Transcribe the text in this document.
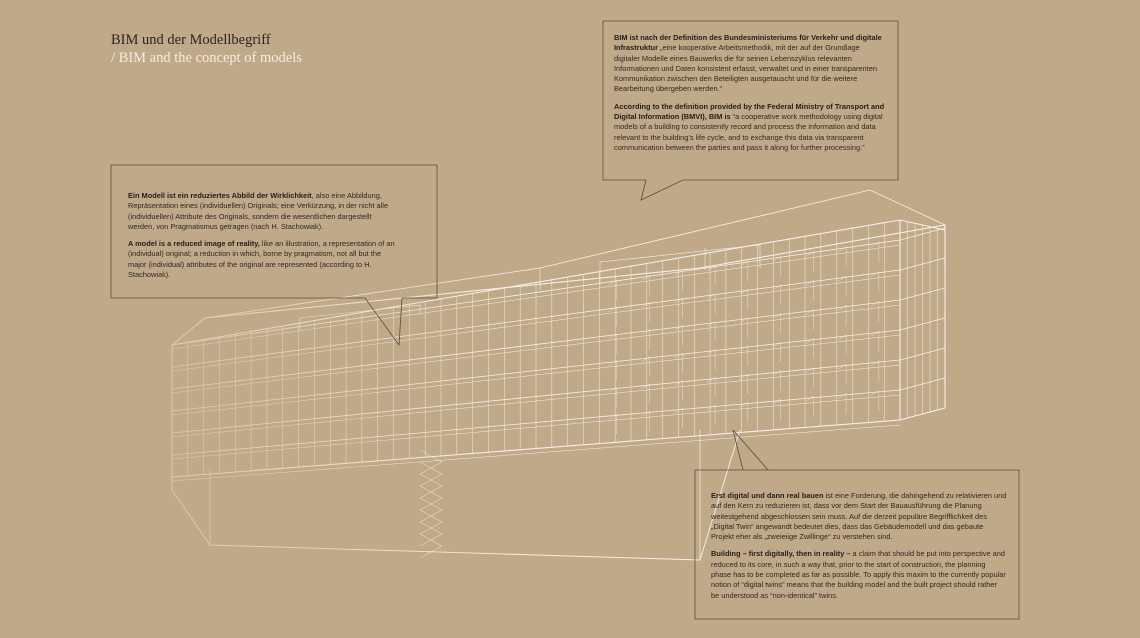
BIM und der Modellbegriff
/ BIM and the concept of models

Ein Modell ist ein reduziertes Abbild der Wirklichkeit, also eine Abbildung, Repräsentation eines (individuellen) Originals; eine Verkürzung, in der nicht alle (individuellen) Attribute des Originals, sondern die wesentlichen dargestellt werden, von Pragmatismus getragen (nach H. Stachowiak).

A model is a reduced image of reality, like an illustration, a representation of an (individual) original; a reduction in which, borne by pragmatism, not all but the major (individual) attributes of the original are represented (according to H. Stachowiak).

BIM ist nach der Definition des Bundesministeriums für Verkehr und digitale Infrastruktur „eine kooperative Arbeitsmethodik, mit der auf der Grundlage digitaler Modelle eines Bauwerks die für seinen Lebenszyklus relevanten Informationen und Daten konsistent erfasst, verwaltet und in einer transparenten Kommunikation zwischen den Beteiligten ausgetauscht und für die weitere Bearbeitung übergeben werden.“

According to the definition provided by the Federal Ministry of Transport and Digital Information (BMVI), BIM is “a cooperative work methodology using digital models of a building to consistently record and process the information and data relevant to the building’s life cycle, and to exchange this data via transparent communication between the parties and pass it along for further processing.”

Erst digital und dann real bauen ist eine Forderung, die dahingehend zu relativieren und auf den Kern zu reduzieren ist, dass vor dem Start der Bauausführung die Planung weitestgehend abgeschlossen sein muss. Auf die derzeit populäre Begrifflichkeit des „Digital Twin“ angewandt bedeutet dies, dass das Gebäudemodell und das gebaute Projekt eher als „zweieiige Zwillinge“ zu verstehen sind.

Building – first digitally, then in reality – a claim that should be put into perspective and reduced to its core, in such a way that, prior to the start of construction, the planning phase has to be completed as far as possible. To apply this maxim to the currently popular notion of “digital twins” means that the building model and the built project should rather be understood as “non-identical” twins.
